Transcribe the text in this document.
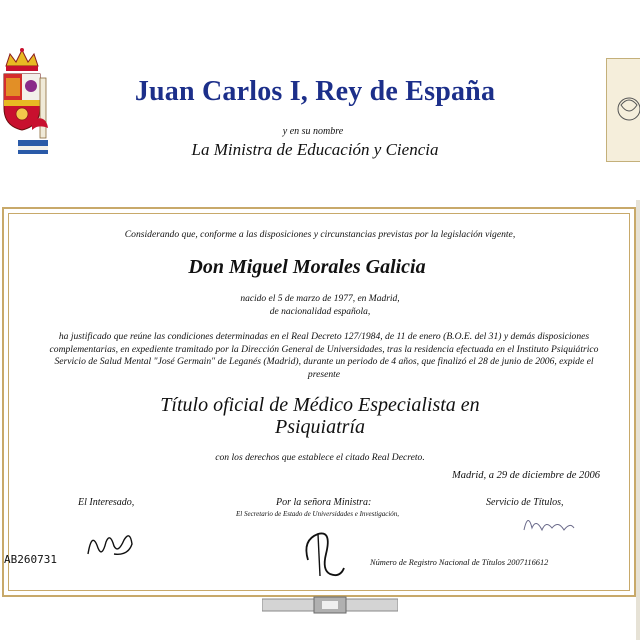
Juan Carlos I, Rey de España
y en su nombre
La Ministra de Educación y Ciencia
Considerando que, conforme a las disposiciones y circunstancias previstas por la legislación vigente,
Don Miguel Morales Galicia
nacido el 5 de marzo de 1977, en Madrid,
de nacionalidad española,
ha justificado que reúne las condiciones determinadas en el Real Decreto 127/1984, de 11 de enero (B.O.E. del 31) y demás disposiciones
complementarias, en expediente tramitado por la Dirección General de Universidades, tras la residencia efectuada en el Instituto Psiquiátrico
Servicio de Salud Mental "José Germain" de Leganés (Madrid), durante un periodo de 4 años, que finalizó el 28 de junio de 2006, expide el
presente
Título oficial de Médico Especialista en
Psiquiatría
con los derechos que establece el citado Real Decreto.
Madrid, a 29 de diciembre de 2006
El Interesado,	Por la señora Ministra:
El Secretario de Estado de Universidades e Investigación,
Servicio de Títulos,
AB260731	Número de Registro Nacional de Títulos 2007116612
